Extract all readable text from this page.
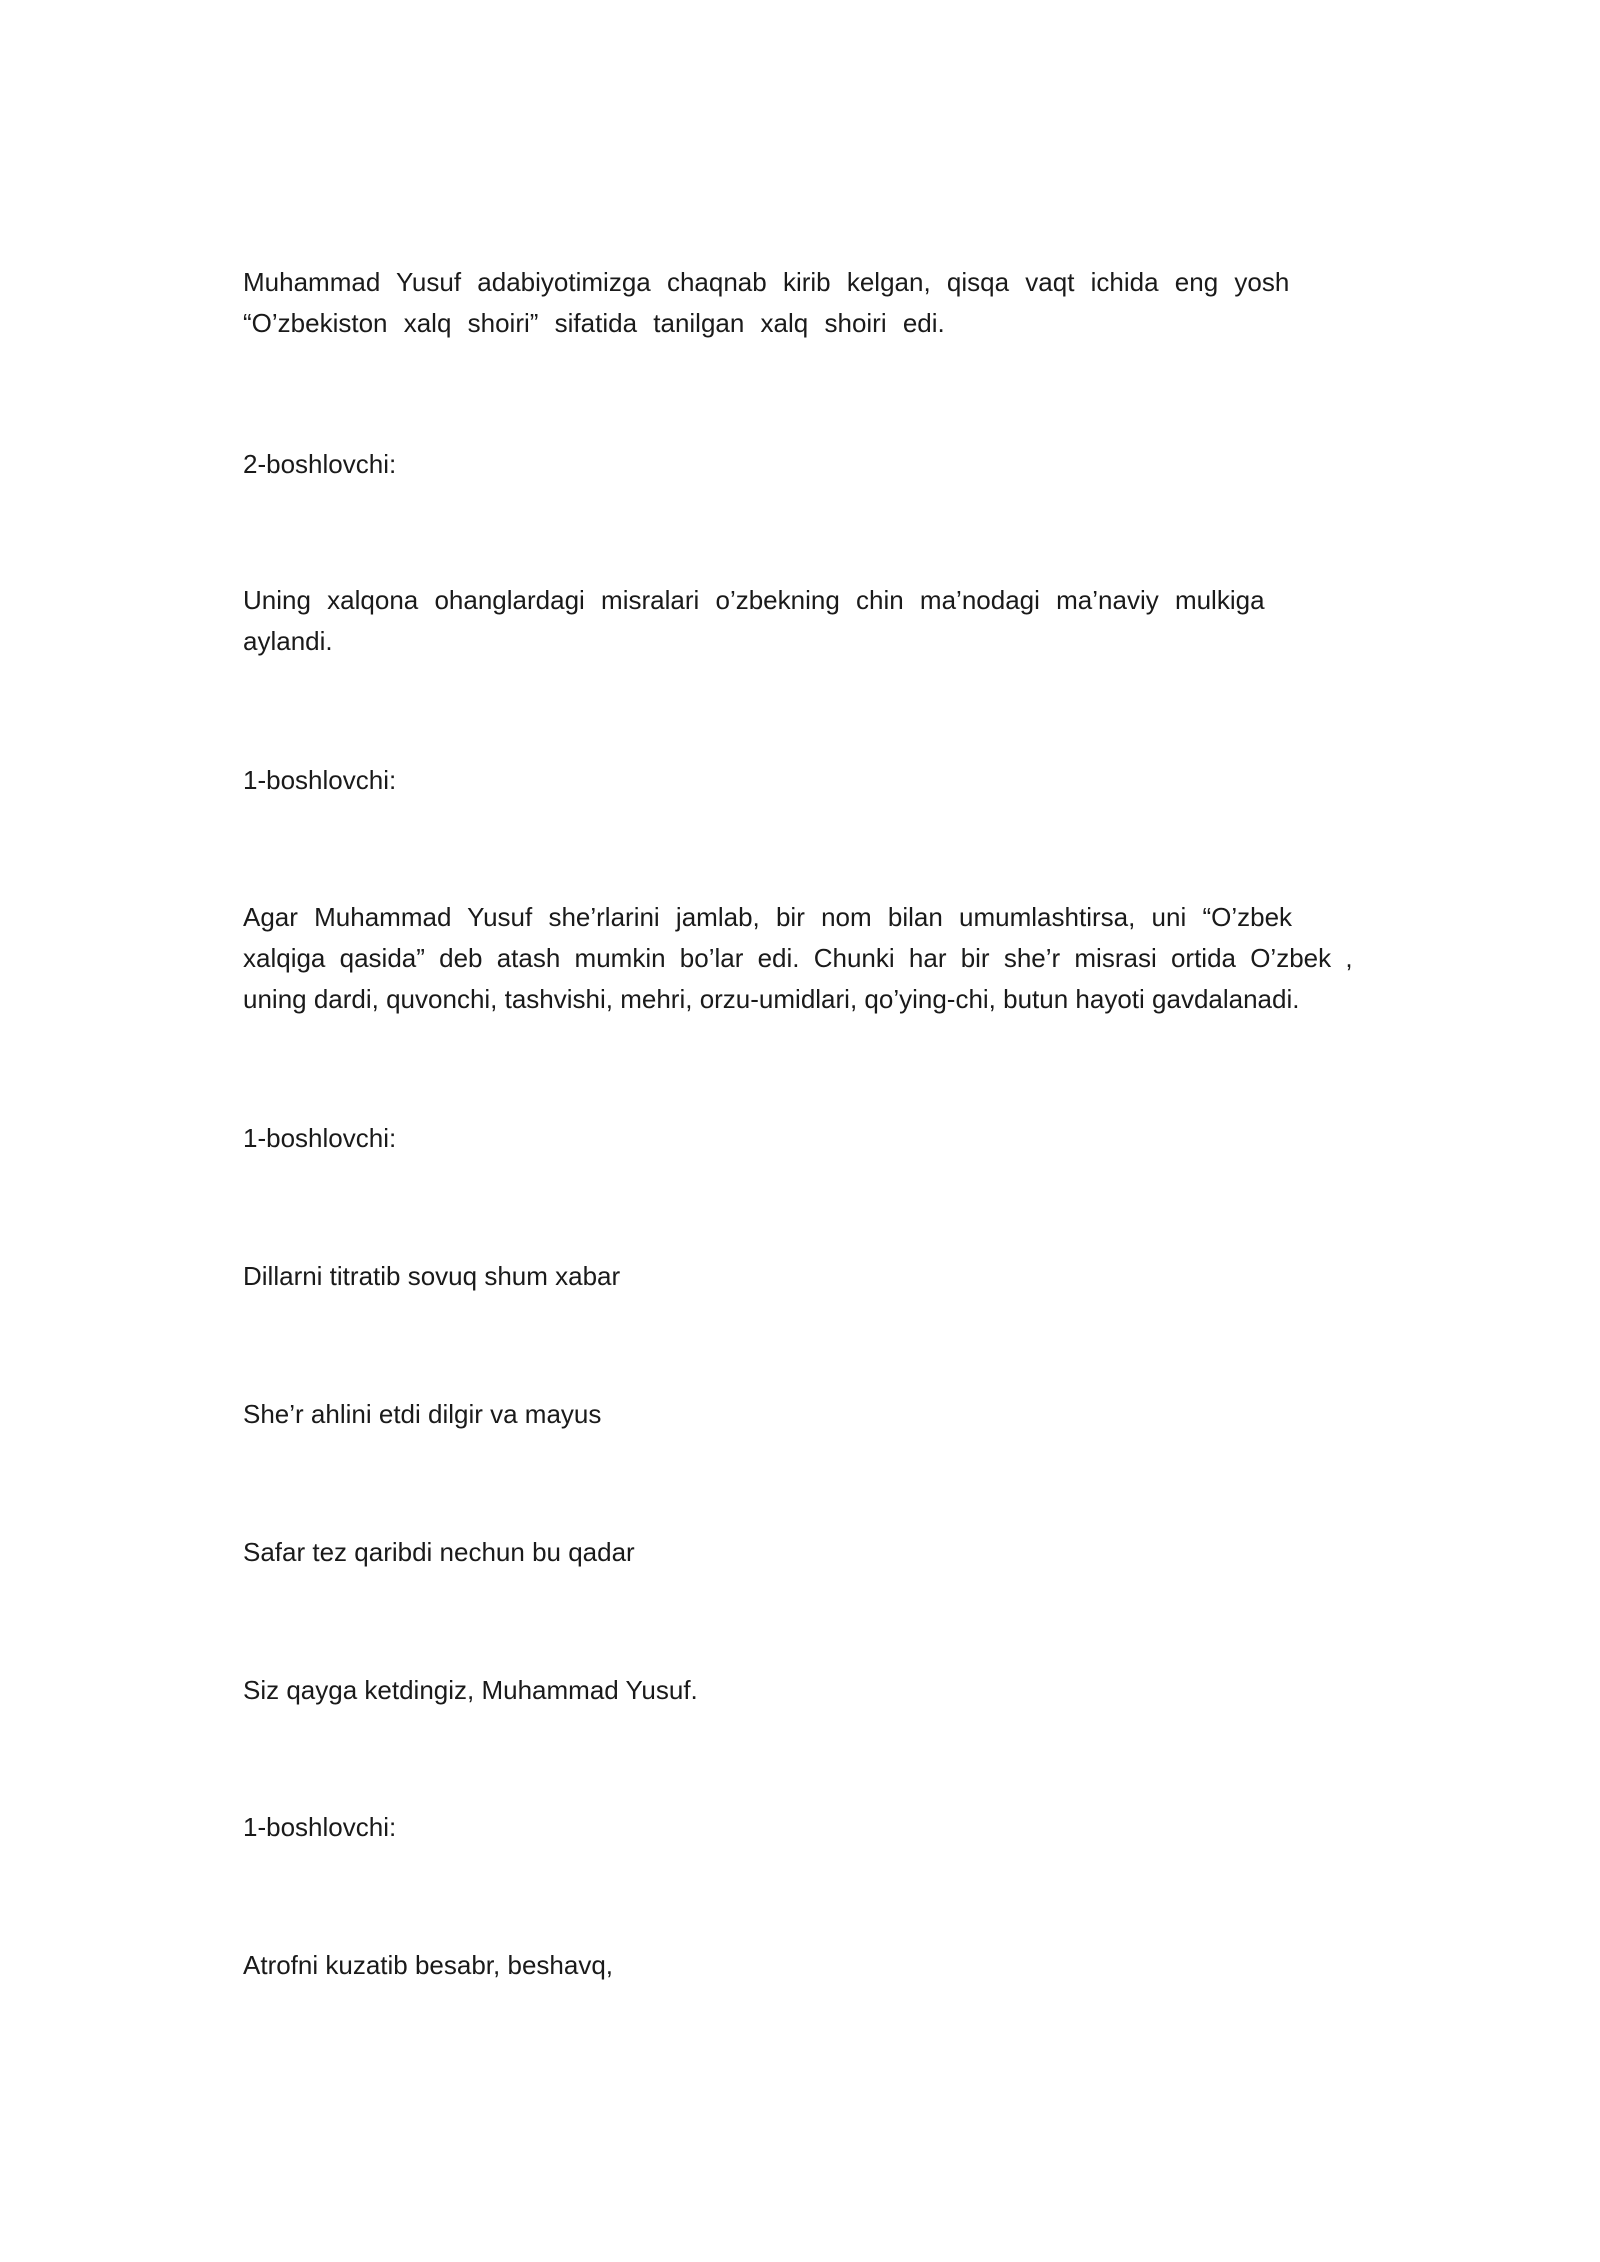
Muhammad Yusuf adabiyotimizga chaqnab kirib kelgan, qisqa vaqt ichida eng yosh
“O’zbekiston xalq shoiri” sifatida tanilgan xalq shoiri edi.

2-boshlovchi:

Uning xalqona ohanglardagi misralari o’zbekning chin ma’nodagi ma’naviy mulkiga
aylandi.

1-boshlovchi:

Agar Muhammad Yusuf she’rlarini jamlab, bir nom bilan umumlashtirsa, uni “O’zbek
xalqiga qasida” deb atash mumkin bo’lar edi. Chunki har bir she’r misrasi ortida O’zbek ,
uning dardi, quvonchi, tashvishi, mehri, orzu-umidlari, qo’ying-chi, butun hayoti gavdalanadi.

1-boshlovchi:

Dillarni titratib sovuq shum xabar

She’r ahlini etdi dilgir va mayus

Safar tez qaribdi nechun bu qadar

Siz qayga ketdingiz, Muhammad Yusuf.

1-boshlovchi:

Atrofni kuzatib besabr, beshavq,
